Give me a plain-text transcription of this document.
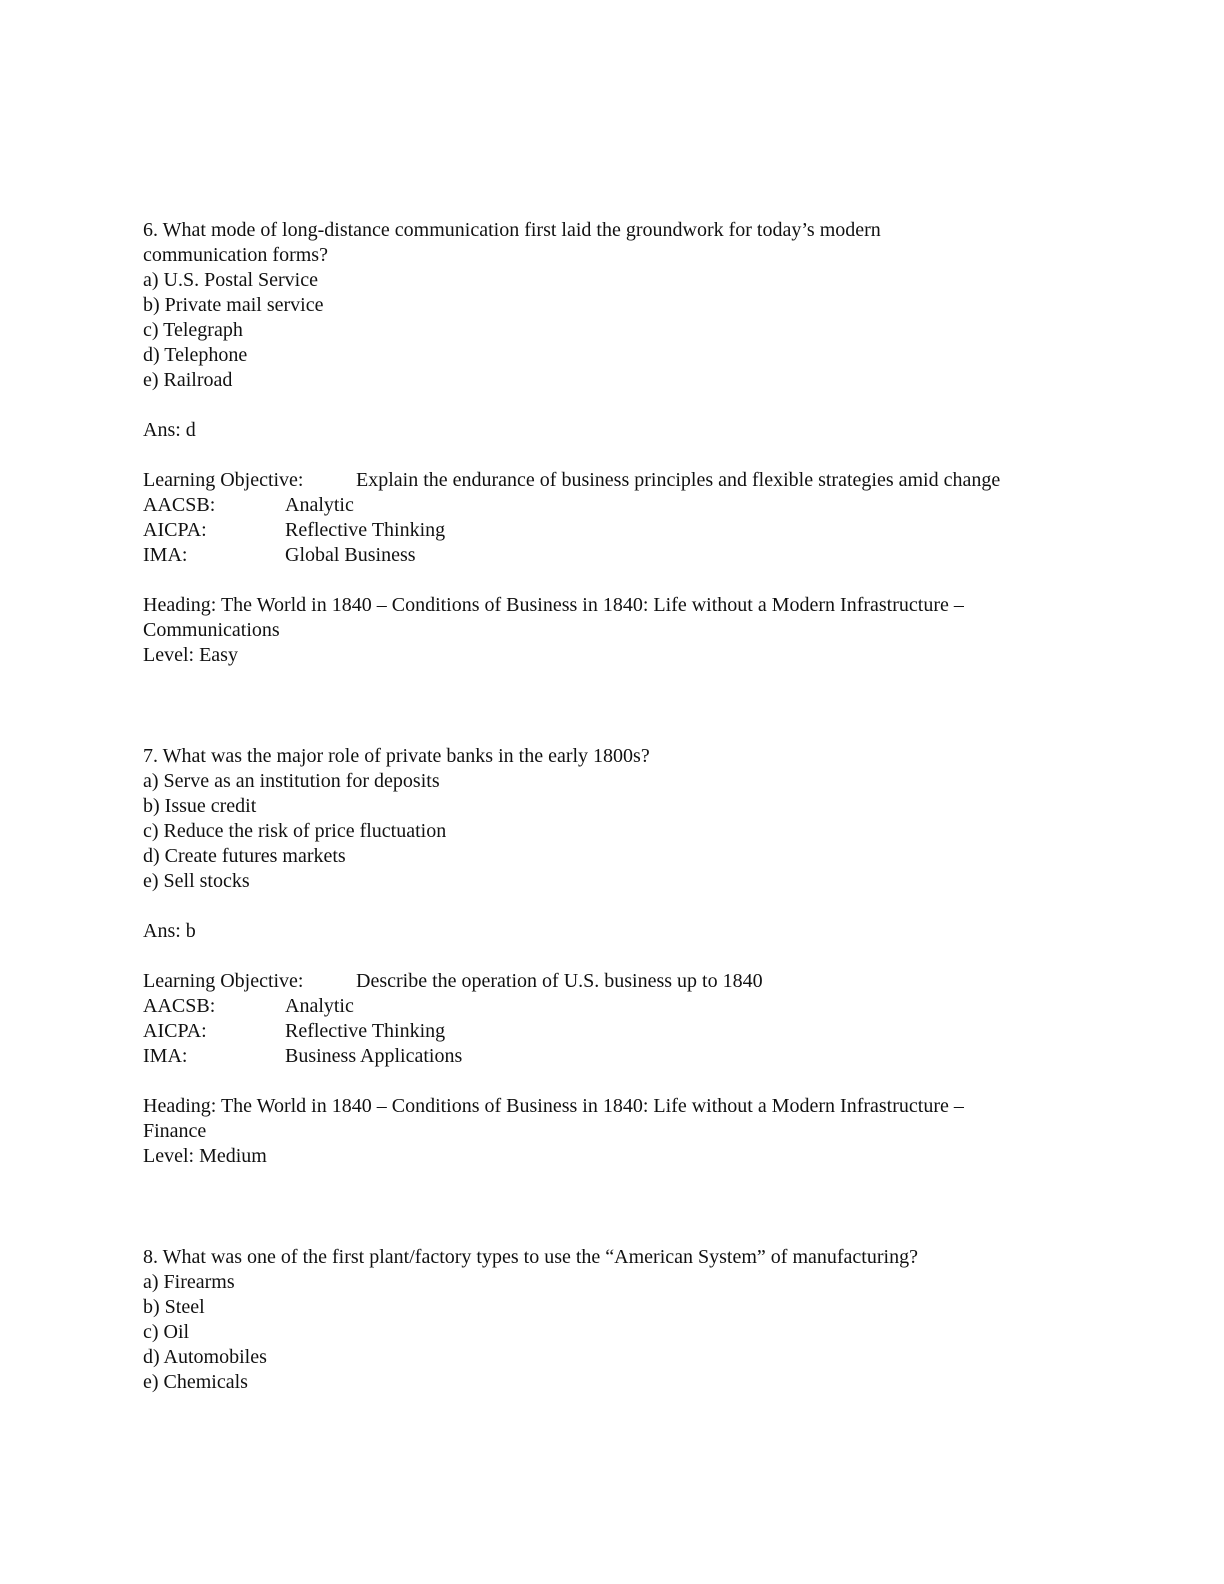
6. What mode of long-distance communication first laid the groundwork for today’s modern
communication forms?
a) U.S. Postal Service
b) Private mail service
c) Telegraph
d) Telephone
e) Railroad
Ans: d
Learning Objective:	Explain the endurance of business principles and flexible strategies amid change
AACSB:	Analytic
AICPA:	Reflective Thinking
IMA:	Global Business
Heading: The World in 1840 – Conditions of Business in 1840: Life without a Modern Infrastructure –
Communications
Level: Easy
7. What was the major role of private banks in the early 1800s?
a) Serve as an institution for deposits
b) Issue credit
c) Reduce the risk of price fluctuation
d) Create futures markets
e) Sell stocks
Ans: b
Learning Objective:	Describe the operation of U.S. business up to 1840
AACSB:	Analytic
AICPA:	Reflective Thinking
IMA:	Business Applications
Heading: The World in 1840 – Conditions of Business in 1840: Life without a Modern Infrastructure –
Finance
Level: Medium
8. What was one of the first plant/factory types to use the “American System” of manufacturing?
a) Firearms
b) Steel
c) Oil
d) Automobiles
e) Chemicals
